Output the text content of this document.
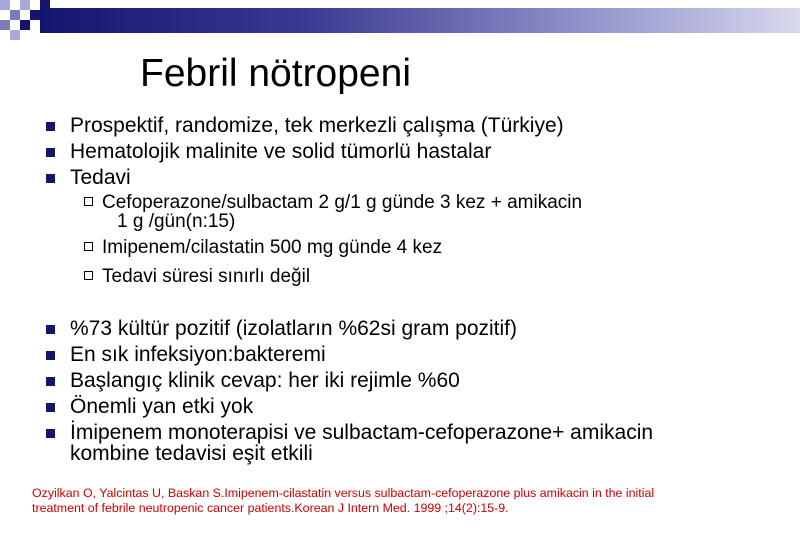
Febril nötropeni
Prospektif, randomize, tek merkezli çalışma (Türkiye)
Hematolojik malinite ve solid tümorlü hastalar
Tedavi
Cefoperazone/sulbactam 2 g/1 g günde 3 kez + amikacin
1 g /gün(n:15)
Imipenem/cilastatin 500 mg günde 4 kez
Tedavi süresi sınırlı değil
%73 kültür pozitif (izolatların %62si gram pozitif)
En sık infeksiyon:bakteremi
Başlangıç klinik cevap: her iki rejimle %60
Önemli yan etki yok
İmipenem monoterapisi ve sulbactam-cefoperazone+ amikacin
kombine tedavisi eşit etkili
Ozyilkan O, Yalcintas U, Baskan S.Imipenem-cilastatin versus sulbactam-cefoperazone plus amikacin in the initial
treatment of febrile neutropenic cancer patients.Korean J Intern Med. 1999 ;14(2):15-9.
